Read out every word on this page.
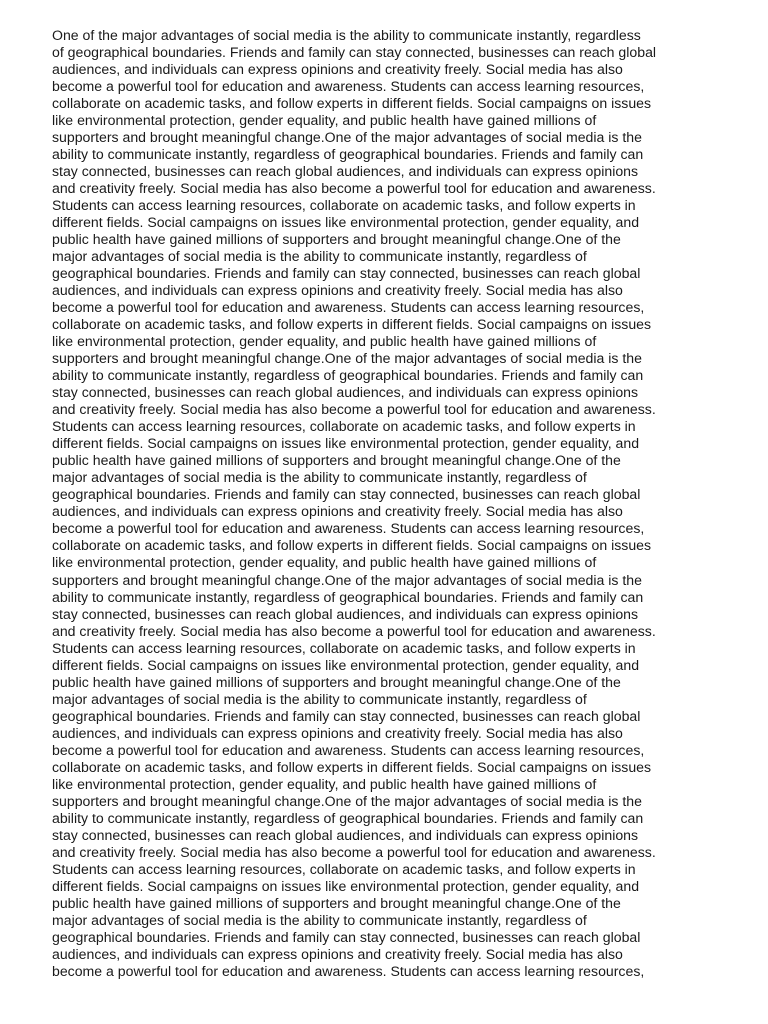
One of the major advantages of social media is the ability to communicate instantly, regardless
of geographical boundaries. Friends and family can stay connected, businesses can reach global
audiences, and individuals can express opinions and creativity freely. Social media has also
become a powerful tool for education and awareness. Students can access learning resources,
collaborate on academic tasks, and follow experts in different fields. Social campaigns on issues
like environmental protection, gender equality, and public health have gained millions of
supporters and brought meaningful change.One of the major advantages of social media is the
ability to communicate instantly, regardless of geographical boundaries. Friends and family can
stay connected, businesses can reach global audiences, and individuals can express opinions
and creativity freely. Social media has also become a powerful tool for education and awareness.
Students can access learning resources, collaborate on academic tasks, and follow experts in
different fields. Social campaigns on issues like environmental protection, gender equality, and
public health have gained millions of supporters and brought meaningful change.One of the
major advantages of social media is the ability to communicate instantly, regardless of
geographical boundaries. Friends and family can stay connected, businesses can reach global
audiences, and individuals can express opinions and creativity freely. Social media has also
become a powerful tool for education and awareness. Students can access learning resources,
collaborate on academic tasks, and follow experts in different fields. Social campaigns on issues
like environmental protection, gender equality, and public health have gained millions of
supporters and brought meaningful change.One of the major advantages of social media is the
ability to communicate instantly, regardless of geographical boundaries. Friends and family can
stay connected, businesses can reach global audiences, and individuals can express opinions
and creativity freely. Social media has also become a powerful tool for education and awareness.
Students can access learning resources, collaborate on academic tasks, and follow experts in
different fields. Social campaigns on issues like environmental protection, gender equality, and
public health have gained millions of supporters and brought meaningful change.One of the
major advantages of social media is the ability to communicate instantly, regardless of
geographical boundaries. Friends and family can stay connected, businesses can reach global
audiences, and individuals can express opinions and creativity freely. Social media has also
become a powerful tool for education and awareness. Students can access learning resources,
collaborate on academic tasks, and follow experts in different fields. Social campaigns on issues
like environmental protection, gender equality, and public health have gained millions of
supporters and brought meaningful change.One of the major advantages of social media is the
ability to communicate instantly, regardless of geographical boundaries. Friends and family can
stay connected, businesses can reach global audiences, and individuals can express opinions
and creativity freely. Social media has also become a powerful tool for education and awareness.
Students can access learning resources, collaborate on academic tasks, and follow experts in
different fields. Social campaigns on issues like environmental protection, gender equality, and
public health have gained millions of supporters and brought meaningful change.One of the
major advantages of social media is the ability to communicate instantly, regardless of
geographical boundaries. Friends and family can stay connected, businesses can reach global
audiences, and individuals can express opinions and creativity freely. Social media has also
become a powerful tool for education and awareness. Students can access learning resources,
collaborate on academic tasks, and follow experts in different fields. Social campaigns on issues
like environmental protection, gender equality, and public health have gained millions of
supporters and brought meaningful change.One of the major advantages of social media is the
ability to communicate instantly, regardless of geographical boundaries. Friends and family can
stay connected, businesses can reach global audiences, and individuals can express opinions
and creativity freely. Social media has also become a powerful tool for education and awareness.
Students can access learning resources, collaborate on academic tasks, and follow experts in
different fields. Social campaigns on issues like environmental protection, gender equality, and
public health have gained millions of supporters and brought meaningful change.One of the
major advantages of social media is the ability to communicate instantly, regardless of
geographical boundaries. Friends and family can stay connected, businesses can reach global
audiences, and individuals can express opinions and creativity freely. Social media has also
become a powerful tool for education and awareness. Students can access learning resources,
